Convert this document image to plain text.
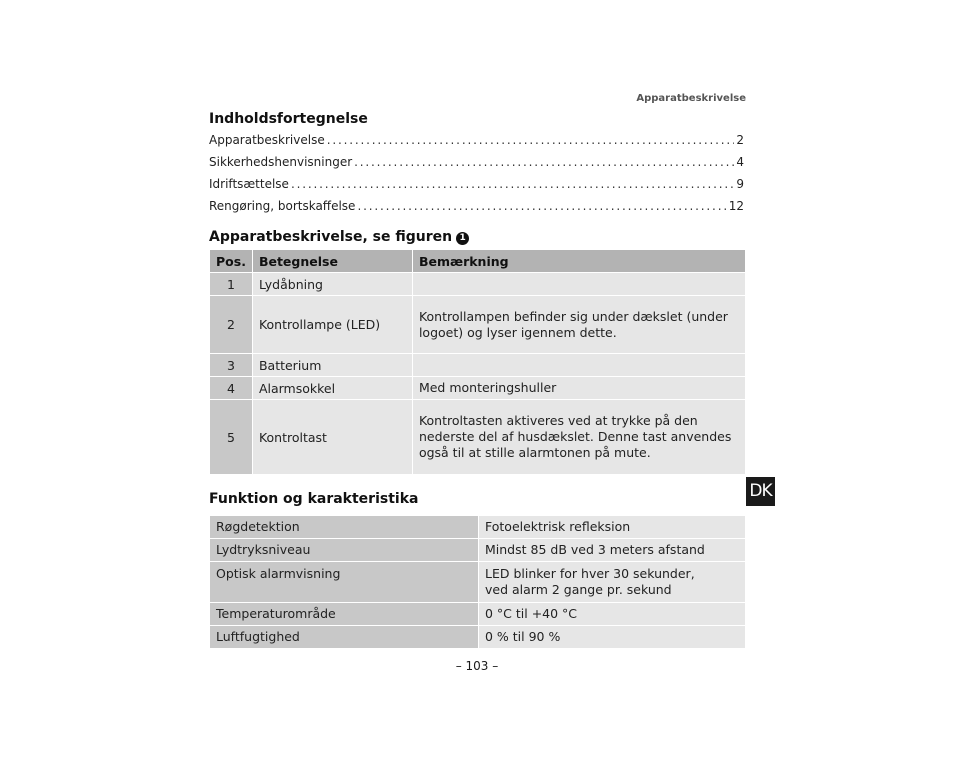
Apparatbeskrivelse
Indholdsfortegnelse
Apparatbeskrivelse . . .	2
Sikkerhedshenvisninger . . .	4
Idriftsættelse . . .	9
Rengøring, bortskaffelse . . .	12
Apparatbeskrivelse, se figuren 1
Pos.	Betegnelse	Bemærkning
1	Lydåbning	
2	Kontrollampe (LED)	Kontrollampen befinder sig under dækslet (under logoet) og lyser igennem dette.
3	Batterium	
4	Alarmsokkel	Med monteringshuller
5	Kontroltast	Kontroltasten aktiveres ved at trykke på den nederste del af husdækslet. Denne tast anvendes også til at stille alarmtonen på mute.
DK
Funktion og karakteristika
Røgdetektion	Fotoelektrisk refleksion
Lydtryksniveau	Mindst 85 dB ved 3 meters afstand
Optisk alarmvisning	LED blinker for hver 30 sekunder,
ved alarm 2 gange pr. sekund

Temperaturområde	0 °C til +40 °C
Luftfugtighed	0 % til 90 %
– 103 –
